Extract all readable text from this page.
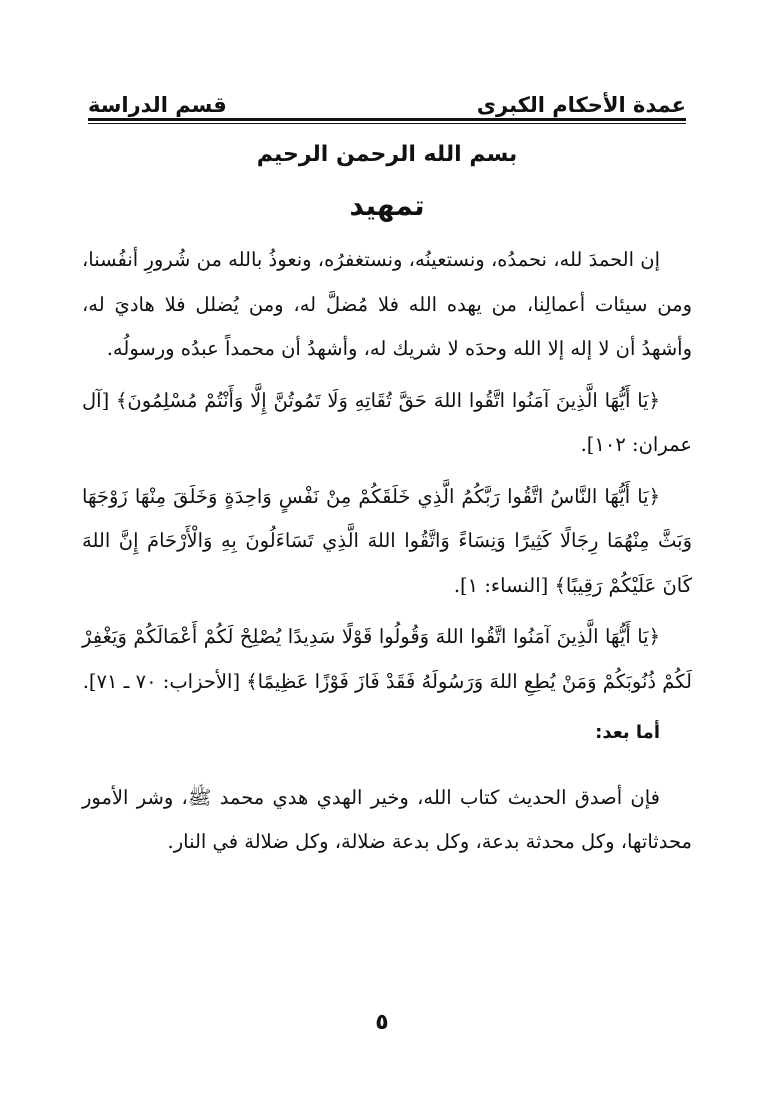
عمدة الأحكام الكبرى
قسم الدراسة
بسم الله الرحمن الرحيم
تمهيد

إن الحمدَ لله، نحمدُه، ونستعينُه، ونستغفرُه، ونعوذُ بالله من شُرورِ أنفُسنا، ومن سيئات أعمالِنا، من يهده الله فلا مُضلَّ له، ومن يُضلل فلا هاديَ له، وأشهدُ أن لا إله إلا الله وحدَه لا شريك له، وأشهدُ أن محمداً عبدُه ورسولُه.

﴿يَا أَيُّهَا الَّذِينَ آمَنُوا اتَّقُوا اللهَ حَقَّ تُقَاتِهِ وَلَا تَمُوتُنَّ إِلَّا وَأَنْتُمْ مُسْلِمُونَ﴾ [آل عمران: ١٠٢].

﴿يَا أَيُّهَا النَّاسُ اتَّقُوا رَبَّكُمُ الَّذِي خَلَقَكُمْ مِنْ نَفْسٍ وَاحِدَةٍ وَخَلَقَ مِنْهَا زَوْجَهَا وَبَثَّ مِنْهُمَا رِجَالًا كَثِيرًا وَنِسَاءً وَاتَّقُوا اللهَ الَّذِي تَسَاءَلُونَ بِهِ وَالْأَرْحَامَ إِنَّ اللهَ كَانَ عَلَيْكُمْ رَقِيبًا﴾ [النساء: ١].

﴿يَا أَيُّهَا الَّذِينَ آمَنُوا اتَّقُوا اللهَ وَقُولُوا قَوْلًا سَدِيدًا يُصْلِحْ لَكُمْ أَعْمَالَكُمْ وَيَغْفِرْ لَكُمْ ذُنُوبَكُمْ وَمَنْ يُطِعِ اللهَ وَرَسُولَهُ فَقَدْ فَازَ فَوْزًا عَظِيمًا﴾ [الأحزاب: ٧٠ ـ ٧١].

أما بعد:

فإن أصدق الحديث كتاب الله، وخير الهدي هدي محمد ﷺ، وشر الأمور محدثاتها، وكل محدثة بدعة، وكل بدعة ضلالة، وكل ضلالة في النار.

٥
